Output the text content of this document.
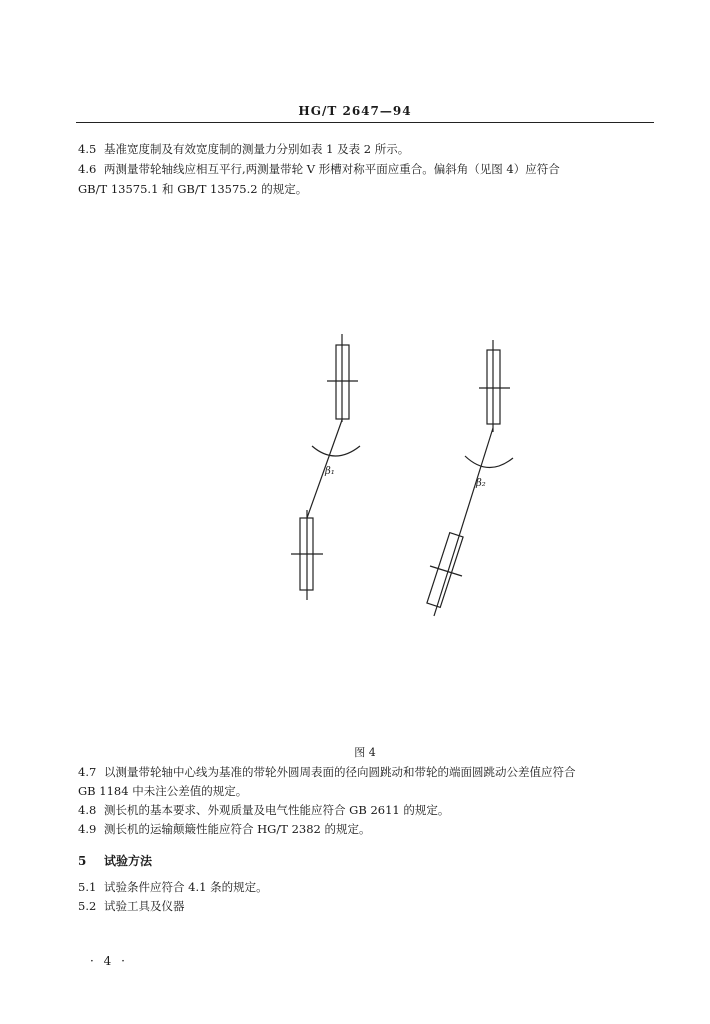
HG/T 2647—94
4.5 基准宽度制及有效宽度制的测量力分别如表 1 及表 2 所示。
4.6 两测量带轮轴线应相互平行,两测量带轮 V 形槽对称平面应重合。偏斜角（见图 4）应符合
GB/T 13575.1 和 GB/T 13575.2 的规定。
β₁
β₂
图 4
4.7 以测量带轮轴中心线为基准的带轮外圆周表面的径向圆跳动和带轮的端面圆跳动公差值应符合
GB 1184 中未注公差值的规定。
4.8 测长机的基本要求、外观质量及电气性能应符合 GB 2611 的规定。
4.9 测长机的运输颠簸性能应符合 HG/T 2382 的规定。
5 试验方法
5.1 试验条件应符合 4.1 条的规定。
5.2 试验工具及仪器
· 4 ·
